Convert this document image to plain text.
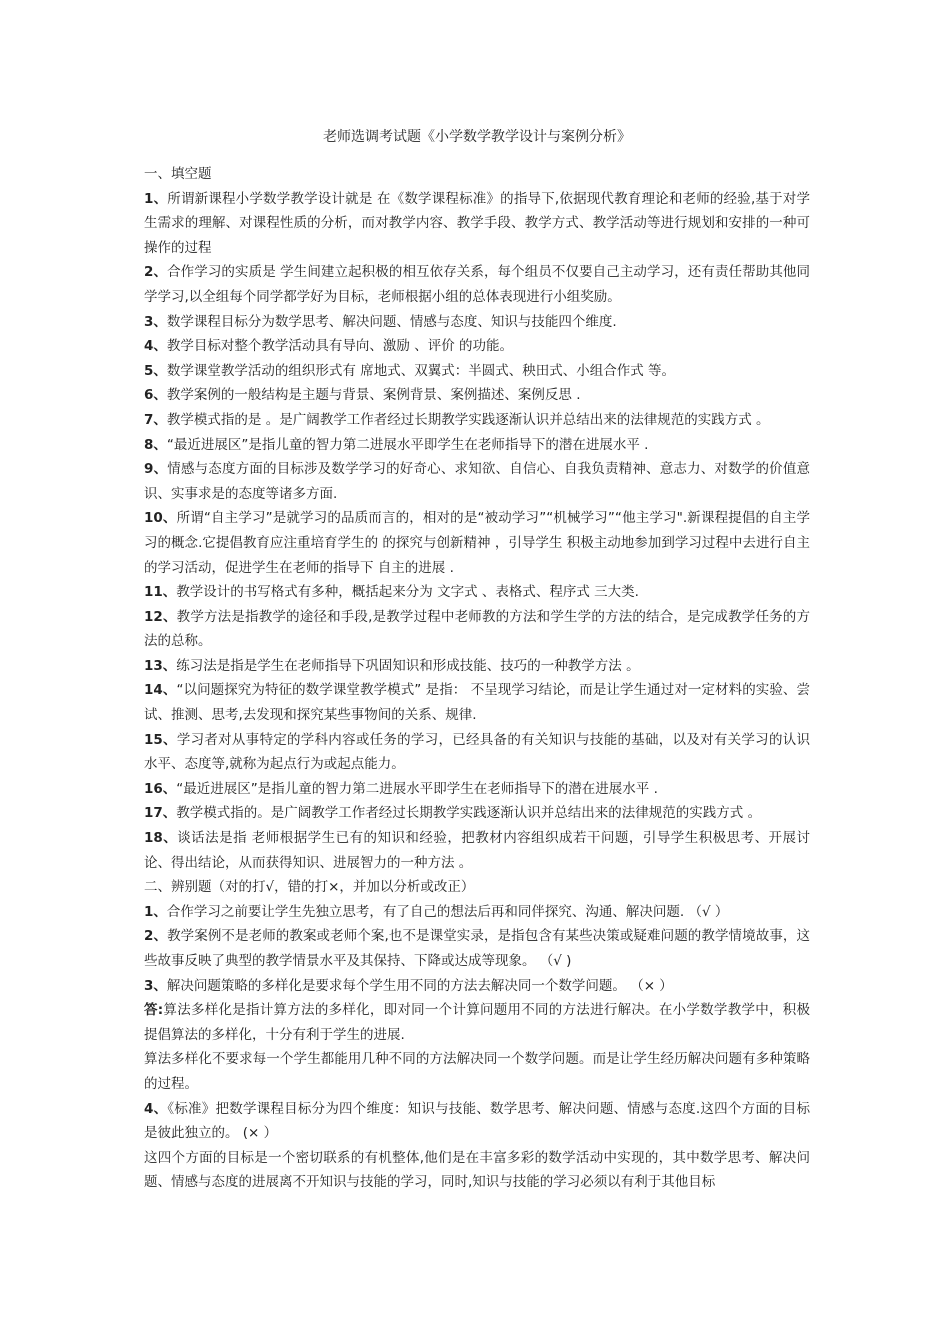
老师选调考试题《小学数学教学设计与案例分析》
一、填空题
1、所谓新课程小学数学教学设计就是 在《数学课程标准》的指导下,依据现代教育理论和老师的经验,基于对学生需求的理解、对课程性质的分析，而对教学内容、教学手段、教学方式、教学活动等进行规划和安排的一种可操作的过程
2、合作学习的实质是 学生间建立起积极的相互依存关系，每个组员不仅要自己主动学习，还有责任帮助其他同学学习,以全组每个同学都学好为目标，老师根据小组的总体表现进行小组奖励。
3、数学课程目标分为数学思考、解决问题、情感与态度、知识与技能四个维度.
4、教学目标对整个教学活动具有导向、激励 、评价 的功能。
5、数学课堂教学活动的组织形式有 席地式、双翼式：半圆式、秧田式、小组合作式 等。
6、教学案例的一般结构是主题与背景、案例背景、案例描述、案例反思 .
7、教学模式指的是 。是广阔教学工作者经过长期教学实践逐渐认识并总结出来的法律规范的实践方式 。
8、“最近进展区”是指儿童的智力第二进展水平即学生在老师指导下的潜在进展水平 .
9、情感与态度方面的目标涉及数学学习的好奇心、求知欲、自信心、自我负责精神、意志力、对数学的价值意识、实事求是的态度等诸多方面.
10、所谓“自主学习”是就学习的品质而言的，相对的是“被动学习”“机械学习”“他主学习".新课程提倡的自主学习的概念.它提倡教育应注重培育学生的 的探究与创新精神 ，引导学生 积极主动地参加到学习过程中去进行自主的学习活动，促进学生在老师的指导下 自主的进展 .
11、教学设计的书写格式有多种，概括起来分为 文字式 、表格式、程序式 三大类.
12、教学方法是指教学的途径和手段,是教学过程中老师教的方法和学生学的方法的结合，是完成教学任务的方法的总称。
13、练习法是指是学生在老师指导下巩固知识和形成技能、技巧的一种教学方法 。
14、“以问题探究为特征的数学课堂教学模式” 是指： 不呈现学习结论，而是让学生通过对一定材料的实验、尝试、推测、思考,去发现和探究某些事物间的关系、规律.
15、学习者对从事特定的学科内容或任务的学习，已经具备的有关知识与技能的基础，以及对有关学习的认识水平、态度等,就称为起点行为或起点能力。
16、“最近进展区”是指儿童的智力第二进展水平即学生在老师指导下的潜在进展水平 .
17、教学模式指的。是广阔教学工作者经过长期教学实践逐渐认识并总结出来的法律规范的实践方式 。
18、谈话法是指 老师根据学生已有的知识和经验，把教材内容组织成若干问题，引导学生积极思考、开展讨论、得出结论，从而获得知识、进展智力的一种方法 。
二、辨别题（对的打√，错的打×，并加以分析或改正）
1、合作学习之前要让学生先独立思考，有了自己的想法后再和同伴探究、沟通、解决问题. （√ ）
2、教学案例不是老师的教案或老师个案,也不是课堂实录，是指包含有某些决策或疑难问题的教学情境故事，这些故事反映了典型的教学情景水平及其保持、下降或达成等现象。 （√ )
3、解决问题策略的多样化是要求每个学生用不同的方法去解决同一个数学问题。 （× ）
答:算法多样化是指计算方法的多样化，即对同一个计算问题用不同的方法进行解决。在小学数学教学中，积极提倡算法的多样化，十分有利于学生的进展.
算法多样化不要求每一个学生都能用几种不同的方法解决同一个数学问题。而是让学生经历解决问题有多种策略的过程。
4、《标准》把数学课程目标分为四个维度：知识与技能、数学思考、解决问题、情感与态度.这四个方面的目标是彼此独立的。 (× ）
这四个方面的目标是一个密切联系的有机整体,他们是在丰富多彩的数学活动中实现的，其中数学思考、解决问题、情感与态度的进展离不开知识与技能的学习，同时,知识与技能的学习必须以有利于其他目标
